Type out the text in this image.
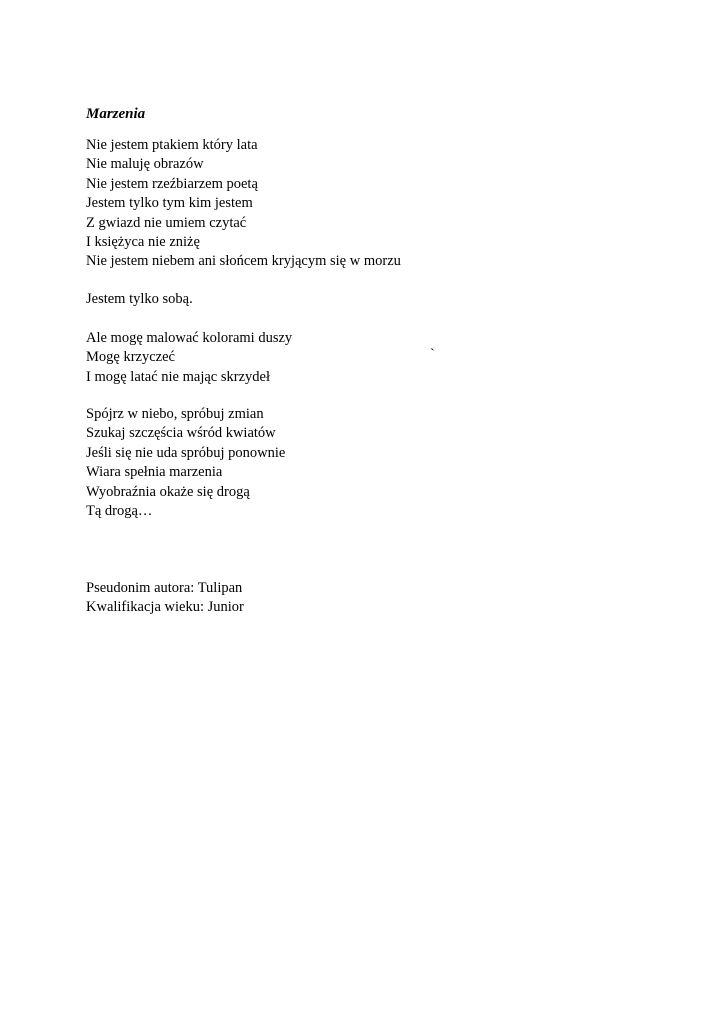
Marzenia
Nie jestem ptakiem który lata
Nie maluję obrazów
Nie jestem rzeźbiarzem poetą
Jestem tylko tym kim jestem
Z gwiazd nie umiem czytać
I księżyca nie zniżę
Nie jestem niebem ani słońcem kryjącym się w morzu
Jestem tylko sobą.
Ale mogę malować kolorami duszy
Mogę krzyczeć
I mogę latać nie mając skrzydeł
`
Spójrz w niebo, spróbuj zmian
Szukaj szczęścia wśród kwiatów
Jeśli się nie uda spróbuj ponownie
Wiara spełnia marzenia
Wyobraźnia okaże się drogą
Tą drogą…
Pseudonim autora: Tulipan
Kwalifikacja wieku: Junior
